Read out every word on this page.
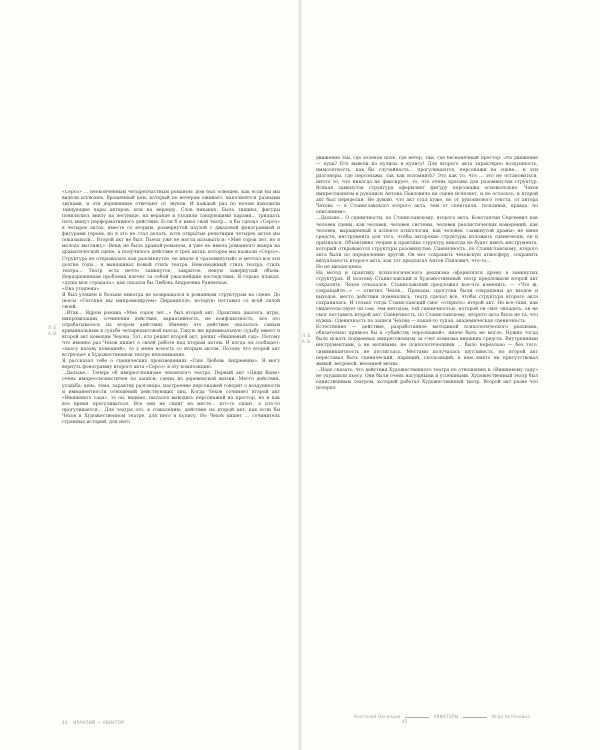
«Серсо» ... неоконченным четырехчастным романом: дом был освещен, как если бы мы видели иллюзию, брошенный дом, который по вечерам оживает, наполняется разными звуками, и эти деревянные отвечают от звуков. И каждый раз по ночам выходили танцующие пары актеров, или на веранду. Слов никаких. Была тишина, фигуры появлялись внизу на лестнице, на веранде и уходили танцующими парами... тридцать пять минут перформативного действия. Если б я имел свой театр... я бы сделал «Серсо» в четырех актах, вместе со вторым, развернутой паузой с джазовой фонограммой и фигурами героев, но я это не стал делать, хотя открытые репетиции четырех актов мы показывали... Второй акт не был. Пьесы уже не могла называться: «Мне сорок лет, но я молодо выгляжу». Вещь не была драмой-романом, и уже не имела романного жанра на драматической сцене, а получилось действие в трех актах, которое мы назвали «Серсо». Структура не открывалась как разомкнутое, не иначе я «разомкнутый» и мечтал все эти долгие годы... я вынашивал новый стиль театра. Невозможный стиль театра, стиль театра... Театр есть нечто замкнутое, закрытое, некую завернутый объем. Неразрешенная проблема влечет за собой ужаснейшие последствия. Я горько плакал, «душа моя страдала», как сказала бы Любовь Андреевна Раневская.

«Она утешена».

Я был утешен и больше никогда не возвращался к романным структурам на сцене. До пьесы «Сегодня мы импровизируем» Пиранделло, которую поставил со всей силой своей.

...Итак... Ядром романа «Мне сорок лет...» был второй акт. Практика диалога, игры, импровизации, сочинения действия, вариативность, не конфликтность, все это отрабатывалось на втором действии. Именно это действие оказалось самым криминальным в судьбе четырехактовой пьесы. Такую же криминальную судьбу имеет и второй акт комедии Чехова. Тот, кто решит второй акт, решит «Вишневый сад». Потому что именно раз Чехов пишет о своей работе над вторым актом. И когда он сообщает: «пьесу назову комедией», то у меня ясность со вторым актом. Потому что второй акт встречает в Художественном театре непонимание.

Я рассказал тебе о сценических произведениях «Сны Любовь Андреевны». Я могу вернуть фонограмму второго акта «Серсо» в эту композицию.

...Дальше... Теперь об импрессионизме чеховского театра. Первый акт «Дяди Вани» очень импрессионистичен по записи: сцены из деревенской жизни. Место действия, усадьба, день, тема, характер разговора, настроение персонажей говорит о воздушности и имманентности отношений действующих лиц. Когда Чехов сочиняет второй акт «Вишневого сада», то он, видимо, пытался выводить персонажей на простор, но и как все время прогуливаться. Все они не сидят на месте... кто-то сидит, а кто-то прогуливается... Для театра это, к сожалению, действие на второй акт, как если бы Чехов в Художественном театре, для него в кулису. Но Чехов пишет ... сочинитель странных историй, для него

Л. Б.
А. В.

движение тьи, где зеленое поле, где ветер, там, где бесконечный простор. Это движение — куда? Его вывели из кулисы в кулису! Для второго акта характерно воздушность, иммолетность, как бы случайность... прогуливаются, персонажи на сцене... и эти разговоры, где персонажи, так как вспомнить? Это как то, что ... это не остановиться, ничто то, что никогда не фиксирует, то, что очень красиво для разомкнутых структур. Всякая замкнутая структура оформляет фигуру персонажа основательно. Чехов импрессионизм в рукописи Антона Павловича на сцене исчезнет, и не осталось, и второй акт был переделан. Не думаю, что акт стал хуже, но от рукописного текста, от автора Чехова — в Станиславского второго акта, чем от спектакля, тоскливая, правда, по описаниям».

...Дальше... О сценичности, по Станиславскому, второго акта. Константин Сергеевич как человек сцены, как человек, человек системы, человек реалистических намерений, как человек, выращенный в аспекте психологии, как человек «замкнутой драмы» не имея средств, инструмента для того, чтобы авторские структуры изложить сценически, он и признался. Объективно теории и практика структур никогда не будет иметь инструмента, который открываются структуры разомкнутые. Сценичность, по Станиславскому, второго акта были по определению другой. Он мог сохранить чеховскую атмосферу, сохранить визуальность второго акта, как тот предлагал Антон Павлович, что-то...

Но не мизансцены.

На метод и практику психологического реализма оформлялся дрому в замкнутых структурах. И поэтому Станиславский и Художественный театр предложили второй акт сократить. Чехов отказался. Станиславский предложил кое-что изменить. — «Что ж, сокращайте...» — ответил Чехов... Прокады, прогулки были сокращены до входов и выходов, место действия поменялись, театр сделал все, чтобы структура второго акта сохранилась. И только тогда Станиславский смог «открыть» второй акт. Но все-таки, как свидетельствует он сам, тем методом, той сценичностью, которой он смог овладеть, он не смог поставить второй акт. Сценичность, по Станиславскому, второго акта была не та, что нужна. Сценичность по записи Чехова — какая-то тупая, академическая сценичность.

Естественно — действие, разработанное методикой психологического реализма, обязательно привело бы к «убийству персонажей», иначе быть не могло. Нужно тогда было искать подменных импрессионизм за счет комизма внешних средств. Внутренними инструментами, а не мотивами, не психологическими ... было нереально — без того, симимикантность не достиглась. Местами получалась шутливость, но второй акт переставал быть сценический, парящий, скользящий, в нем никто не присутствовал живой, ветреной, весенней весны.

...Надо сказать, что действия Художественного театра по отношению к «Вишневому саду» не ухудшили пьесу. Они были очень насущными и успешными. Художественный театр был единственным театром, который работал Художественный театр. Второй акт разве что потерял

Л. В.
А. В.
44 ИРАКЛИЙ — АВИАТОР
Анатолий Васильев	АВИАТОРЫ	Игра Антоновна
45
